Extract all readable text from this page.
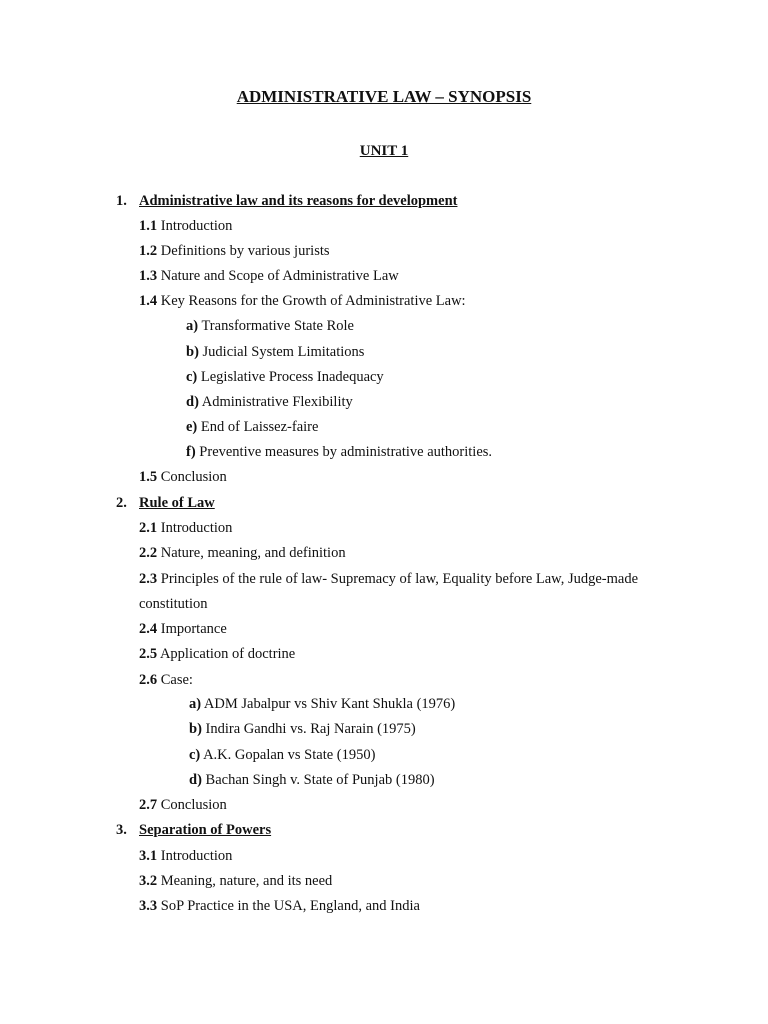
ADMINISTRATIVE LAW – SYNOPSIS
UNIT 1
1. Administrative law and its reasons for development
1.1 Introduction
1.2 Definitions by various jurists
1.3 Nature and Scope of Administrative Law
1.4 Key Reasons for the Growth of Administrative Law:
a) Transformative State Role
b) Judicial System Limitations
c) Legislative Process Inadequacy
d) Administrative Flexibility
e) End of Laissez-faire
f) Preventive measures by administrative authorities.
1.5 Conclusion
2. Rule of Law
2.1 Introduction
2.2 Nature, meaning, and definition
2.3 Principles of the rule of law- Supremacy of law, Equality before Law, Judge-made
constitution
2.4 Importance
2.5 Application of doctrine
2.6 Case:
a) ADM Jabalpur vs Shiv Kant Shukla (1976)
b) Indira Gandhi vs. Raj Narain (1975)
c) A.K. Gopalan vs State (1950)
d) Bachan Singh v. State of Punjab (1980)
2.7 Conclusion
3. Separation of Powers
3.1 Introduction
3.2 Meaning, nature, and its need
3.3 SoP Practice in the USA, England, and India
